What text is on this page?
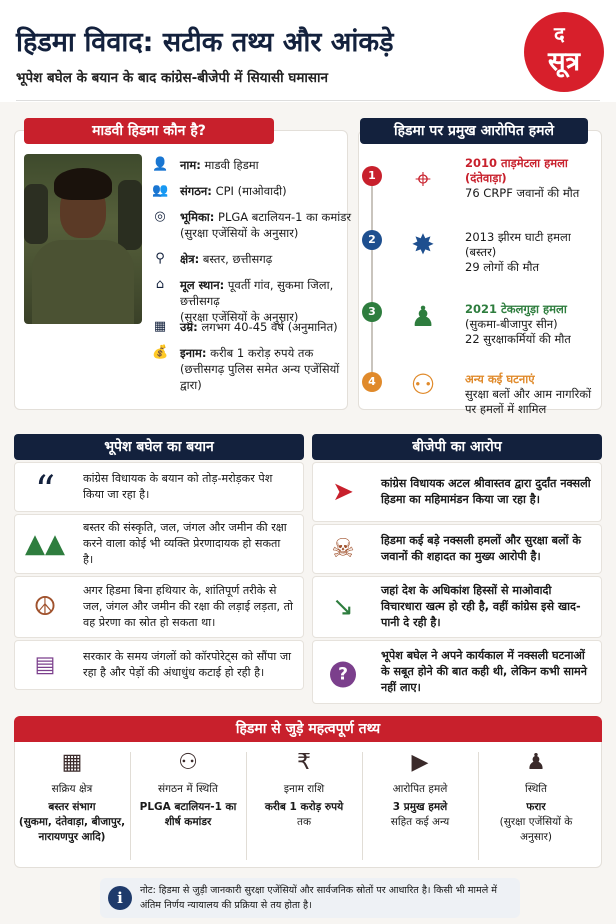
हिडमा विवाद: सटीक तथ्य और आंकड़े
भूपेश बघेल के बयान के बाद कांग्रेस-बीजेपी में सियासी घमासान
द
सूत्र
माडवी हिडमा कौन है?
👤 नाम: माडवी हिडमा
👥 संगठन: CPI (माओवादी)
◎ भूमिका: PLGA बटालियन-1 का कमांडर
(सुरक्षा एजेंसियों के अनुसार)
⚲ क्षेत्र: बस्तर, छत्तीसगढ़
⌂	मूल स्थान: पूवर्ती गांव, सुकमा जिला, छत्तीसगढ़
(सुरक्षा एजेंसियों के अनुसार)
▦ उम्र: लगभग 40-45 वर्ष (अनुमानित)
💰 इनाम: करीब 1 करोड़ रुपये तक
(छत्तीसगढ़ पुलिस समेत अन्य एजेंसियों द्वारा)
हिडमा पर प्रमुख आरोपित हमले
1	⌖	2010 ताड़मेटला हमला
(दंतेवाड़ा)
76 CRPF जवानों की मौत
2 ✸	2013 झीरम घाटी हमला
(बस्तर)
29 लोगों की मौत
3 ♟	2021 टेकलगुड़ा हमला
(सुकमा-बीजापुर सीन)
22 सुरक्षाकर्मियों की मौत
4 ⚇	अन्य कई घटनाएं
सुरक्षा बलों और आम नागरिकों पर हमलों में शामिल
भूपेश बघेल का बयान
“	कांग्रेस विधायक के बयान को तोड़-मरोड़कर पेश किया जा रहा है।
▲▲
बस्तर की संस्कृति, जल, जंगल और जमीन की रक्षा करने वाला कोई भी व्यक्ति प्रेरणादायक हो सकता है।
☮
अगर हिडमा बिना हथियार के, शांतिपूर्ण तरीके से जल, जंगल और जमीन की रक्षा की लड़ाई लड़ता, तो वह प्रेरणा का स्रोत हो सकता था।
▤	सरकार के समय जंगलों को कॉरपोरेट्स को सौंपा जा रहा है और पेड़ों की अंधाधुंध कटाई हो रही है।
बीजेपी का आरोप
➤	कांग्रेस विधायक अटल श्रीवास्तव द्वारा दुर्दांत नक्सली हिडमा का महिमामंडन किया जा रहा है।
☠	हिडमा कई बड़े नक्सली हमलों और सुरक्षा बलों के जवानों की शहादत का मुख्य आरोपी है।
↘
जहां देश के अधिकांश हिस्सों से माओवादी विचारधारा खत्म हो रही है, वहीं कांग्रेस इसे खाद-पानी दे रही है।
?
भूपेश बघेल ने अपने कार्यकाल में नक्सली घटनाओं के सबूत होने की बात कही थी, लेकिन कभी सामने नहीं लाए।
हिडमा से जुड़े महत्वपूर्ण तथ्य
▦
सक्रिय क्षेत्र
बस्तर संभाग
(सुकमा, दंतेवाड़ा, बीजापुर, नारायणपुर आदि)
⚇
संगठन में स्थिति
PLGA बटालियन-1 का शीर्ष कमांडर
₹
इनाम राशि
करीब 1 करोड़ रुपये
तक
▶
आरोपित हमले
3 प्रमुख हमले
सहित कई अन्य
♟
स्थिति
फरार
(सुरक्षा एजेंसियों के अनुसार)
i	नोट: हिडमा से जुड़ी जानकारी सुरक्षा एजेंसियों और सार्वजनिक स्रोतों पर आधारित है। किसी भी मामले में अंतिम निर्णय न्यायालय की प्रक्रिया से तय होता है।
